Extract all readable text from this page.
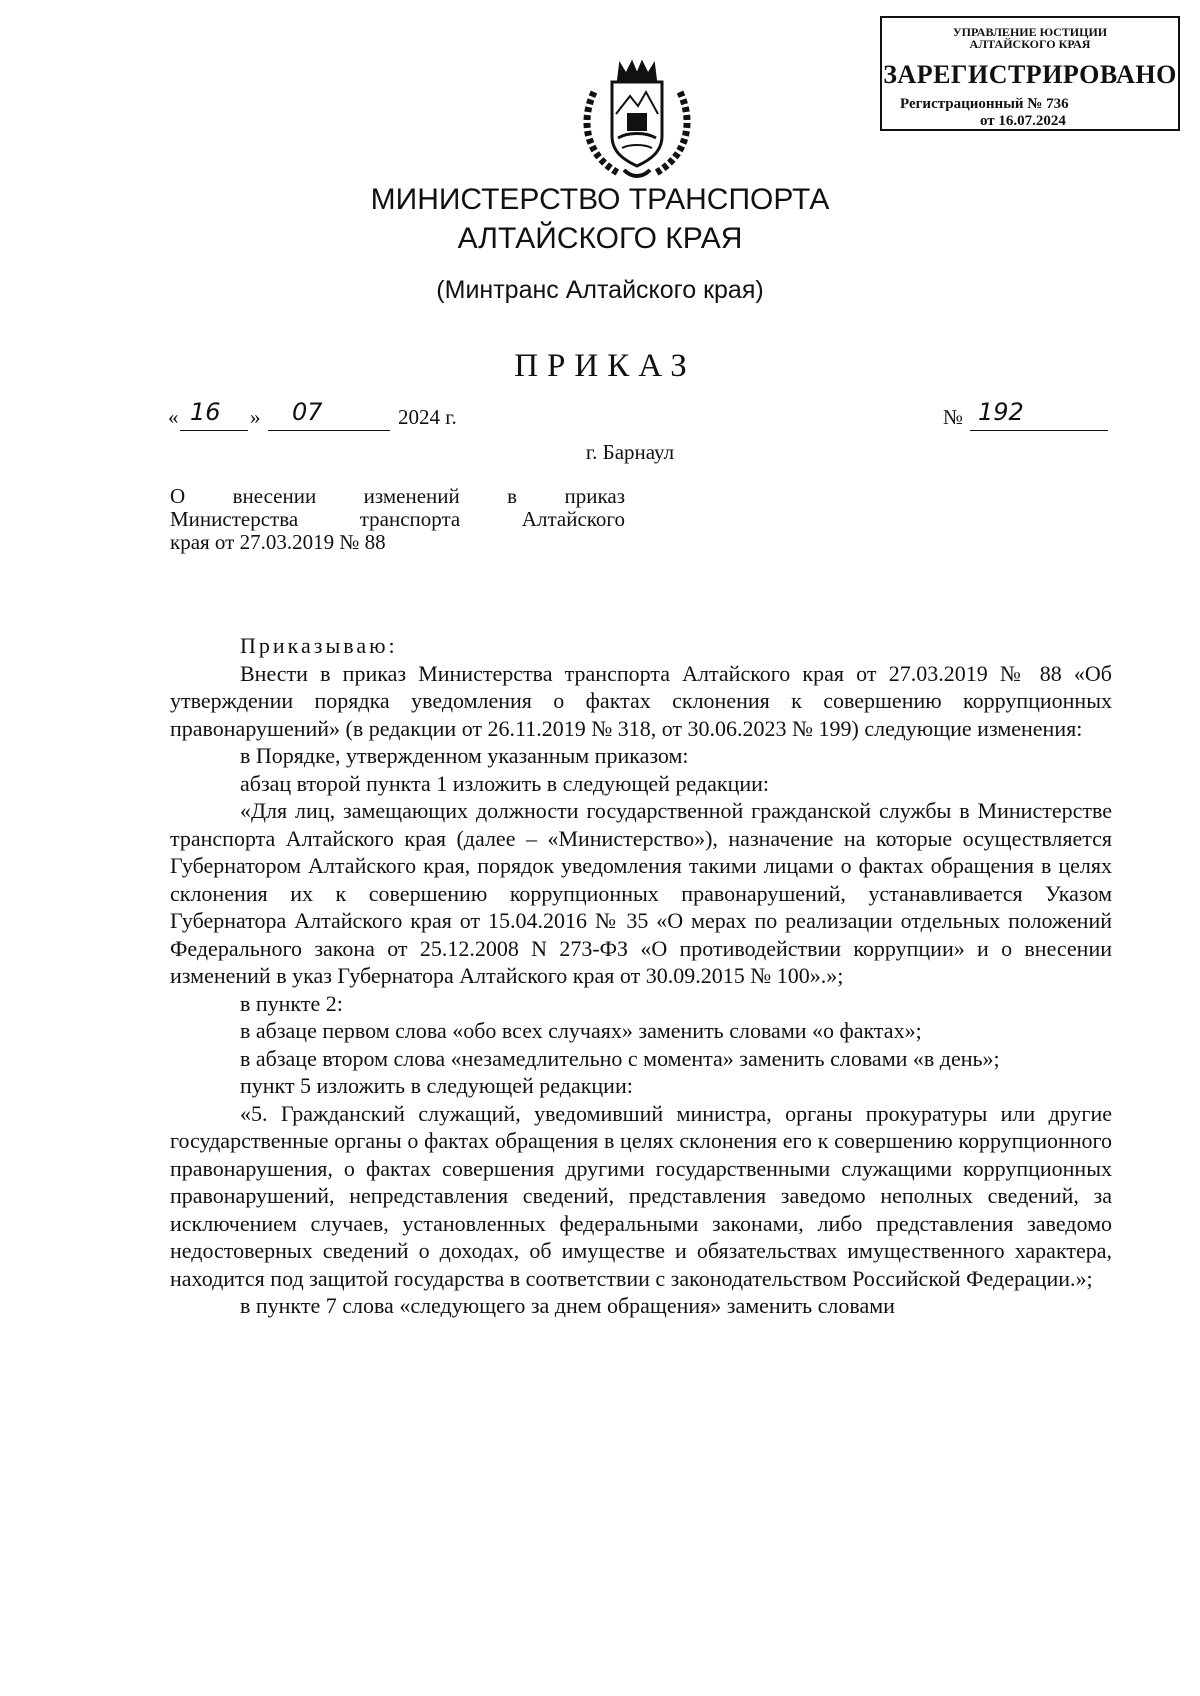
УПРАВЛЕНИЕ ЮСТИЦИИ
АЛТАЙСКОГО КРАЯ
ЗАРЕГИСТРИРОВАНО
Регистрационный № 736
от 16.07.2024
МИНИСТЕРСТВО ТРАНСПОРТА
АЛТАЙСКОГО КРАЯ
(Минтранс Алтайского края)
ПРИКАЗ
« 16 » 07	2024 г.	№ 192
г. Барнаул
О внесении изменений в приказ
Министерства транспорта Алтайского
края от 27.03.2019 № 88

Приказываю:

Внести в приказ Министерства транспорта Алтайского края от 27.03.2019 № 88 «Об утверждении порядка уведомления о фактах склонения к совершению коррупционных правонарушений» (в редакции от 26.11.2019 № 318, от 30.06.2023 № 199) следующие изменения:

в Порядке, утвержденном указанным приказом:

абзац второй пункта 1 изложить в следующей редакции:

«Для лиц, замещающих должности государственной гражданской службы в Министерстве транспорта Алтайского края (далее – «Министерство»), назначение на которые осуществляется Губернатором Алтайского края, порядок уведомления такими лицами о фактах обращения в целях склонения их к совершению коррупционных правонарушений, устанавливается Указом Губернатора Алтайского края от 15.04.2016 № 35 «О мерах по реализации отдельных положений Федерального закона от 25.12.2008 N 273-ФЗ «О противодействии коррупции» и о внесении изменений в указ Губернатора Алтайского края от 30.09.2015 № 100».»;

в пункте 2:

в абзаце первом слова «обо всех случаях» заменить словами «о фактах»;

в абзаце втором слова «незамедлительно с момента» заменить словами «в день»;

пункт 5 изложить в следующей редакции:

«5. Гражданский служащий, уведомивший министра, органы прокуратуры или другие государственные органы о фактах обращения в целях склонения его к совершению коррупционного правонарушения, о фактах совершения другими государственными служащими коррупционных правонарушений, непредставления сведений, представления заведомо неполных сведений, за исключением случаев, установленных федеральными законами, либо представления заведомо недостоверных сведений о доходах, об имуществе и обязательствах имущественного характера, находится под защитой государства в соответствии с законодательством Российской Федерации.»;

в пункте 7 слова «следующего за днем обращения» заменить словами
